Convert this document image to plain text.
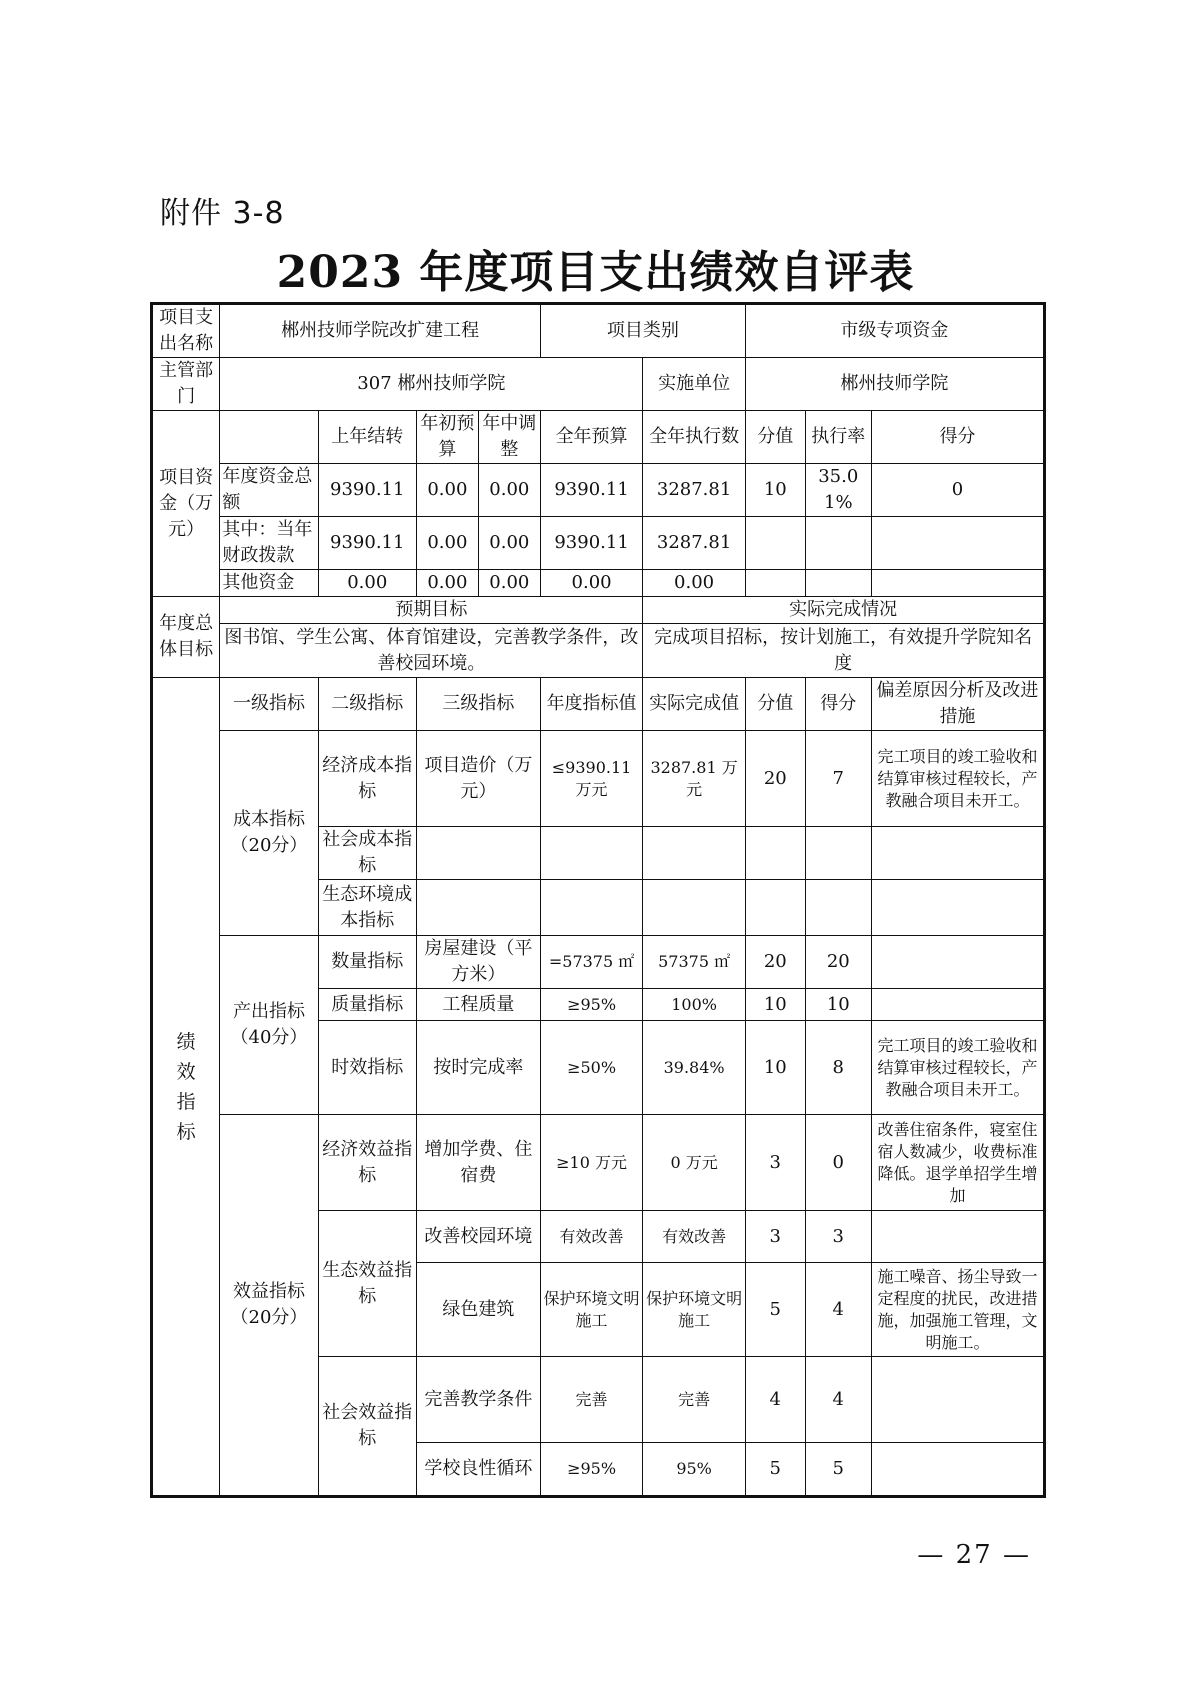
附件 3-8
2023 年度项目支出绩效自评表
项目支出名称	郴州技师学院改扩建工程				项目类别		市级专项资金		
主管部门	307 郴州技师学院					实施单位	郴州技师学院		
项目资金（万元）		上年结转	年初预算	年中调整	全年预算	全年执行数	分值	执行率	得分
	年度资金总额	9390.11	0.00	0.00	9390.11	3287.81	10	35.01%	0
	其中：当年财政拨款	9390.11	0.00	0.00	9390.11	3287.81			
	其他资金	0.00	0.00	0.00	0.00	0.00			
年度总体目标	预期目标					实际完成情况			
	图书馆、学生公寓、体育馆建设，完善教学条件，改善校园环境。					完成项目招标，按计划施工，有效提升学院知名度			
绩效指标	一级指标	二级指标	三级指标		年度指标值	实际完成值	分值	得分	偏差原因分析及改进措施
	成本指标（20分）	经济成本指标	项目造价（万元）		≤9390.11 万元	3287.81 万元	20	7	完工项目的竣工验收和结算审核过程较长，产教融合项目未开工。
		社会成本指标							
		生态环境成本指标							
	产出指标（40分）	数量指标	房屋建设（平方米）		=57375 ㎡	57375 ㎡	20	20	
		质量指标	工程质量		≥95%	100%	10	10	
		时效指标	按时完成率		≥50%	39.84%	10	8	完工项目的竣工验收和结算审核过程较长，产教融合项目未开工。
	效益指标（20分）	经济效益指标	增加学费、住宿费		≥10 万元	0 万元	3	0	改善住宿条件，寝室住宿人数减少，收费标准降低。退学单招学生增加
		生态效益指标	改善校园环境		有效改善	有效改善	3	3	
			绿色建筑		保护环境文明施工	保护环境文明施工	5	4	施工噪音、扬尘导致一定程度的扰民，改进措施，加强施工管理，文明施工。
		社会效益指标	完善教学条件		完善	完善	4	4	
			学校良性循环		≥95%	95%	5	5	
— 27 —
